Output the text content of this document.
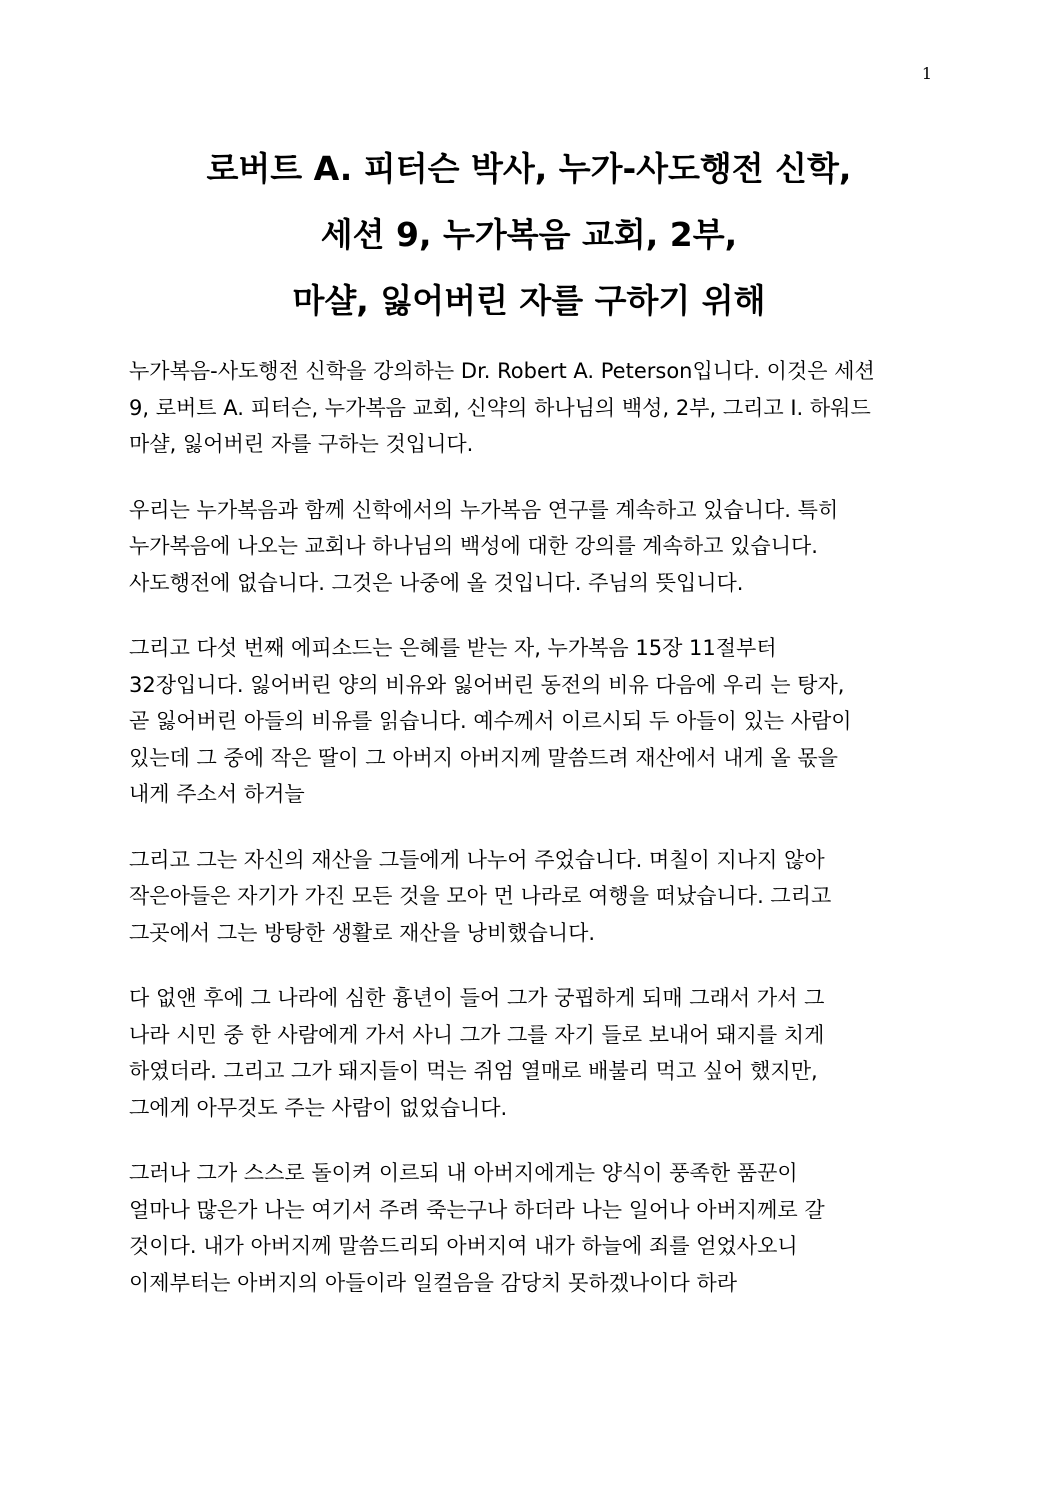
1
로버트 A. 피터슨 박사, 누가-사도행전 신학,
세션 9, 누가복음 교회, 2부,
마샬, 잃어버린 자를 구하기 위해

누가복음-사도행전 신학을 강의하는 Dr. Robert A. Peterson입니다. 이것은 세션
9, 로버트 A. 피터슨, 누가복음 교회, 신약의 하나님의 백성, 2부, 그리고 I. 하워드
마샬, 잃어버린 자를 구하는 것입니다.

우리는 누가복음과 함께 신학에서의 누가복음 연구를 계속하고 있습니다. 특히
누가복음에 나오는 교회나 하나님의 백성에 대한 강의를 계속하고 있습니다.
사도행전에 없습니다. 그것은 나중에 올 것입니다. 주님의 뜻입니다.

그리고 다섯 번째 에피소드는 은혜를 받는 자, 누가복음 15장 11절부터
32장입니다. 잃어버린 양의 비유와 잃어버린 동전의 비유 다음에 우리 는 탕자,
곧 잃어버린 아들의 비유를 읽습니다. 예수께서 이르시되 두 아들이 있는 사람이
있는데 그 중에 작은 딸이 그 아버지 아버지께 말씀드려 재산에서 내게 올 몫을
내게 주소서 하거늘

그리고 그는 자신의 재산을 그들에게 나누어 주었습니다. 며칠이 지나지 않아
작은아들은 자기가 가진 모든 것을 모아 먼 나라로 여행을 떠났습니다. 그리고
그곳에서 그는 방탕한 생활로 재산을 낭비했습니다.

다 없앤 후에 그 나라에 심한 흉년이 들어 그가 궁핍하게 되매 그래서 가서 그
나라 시민 중 한 사람에게 가서 사니 그가 그를 자기 들로 보내어 돼지를 치게
하였더라. 그리고 그가 돼지들이 먹는 쥐엄 열매로 배불리 먹고 싶어 했지만,
그에게 아무것도 주는 사람이 없었습니다.

그러나 그가 스스로 돌이켜 이르되 내 아버지에게는 양식이 풍족한 품꾼이
얼마나 많은가 나는 여기서 주려 죽는구나 하더라 나는 일어나 아버지께로 갈
것이다. 내가 아버지께 말씀드리되 아버지여 내가 하늘에 죄를 얻었사오니
이제부터는 아버지의 아들이라 일컬음을 감당치 못하겠나이다 하라
